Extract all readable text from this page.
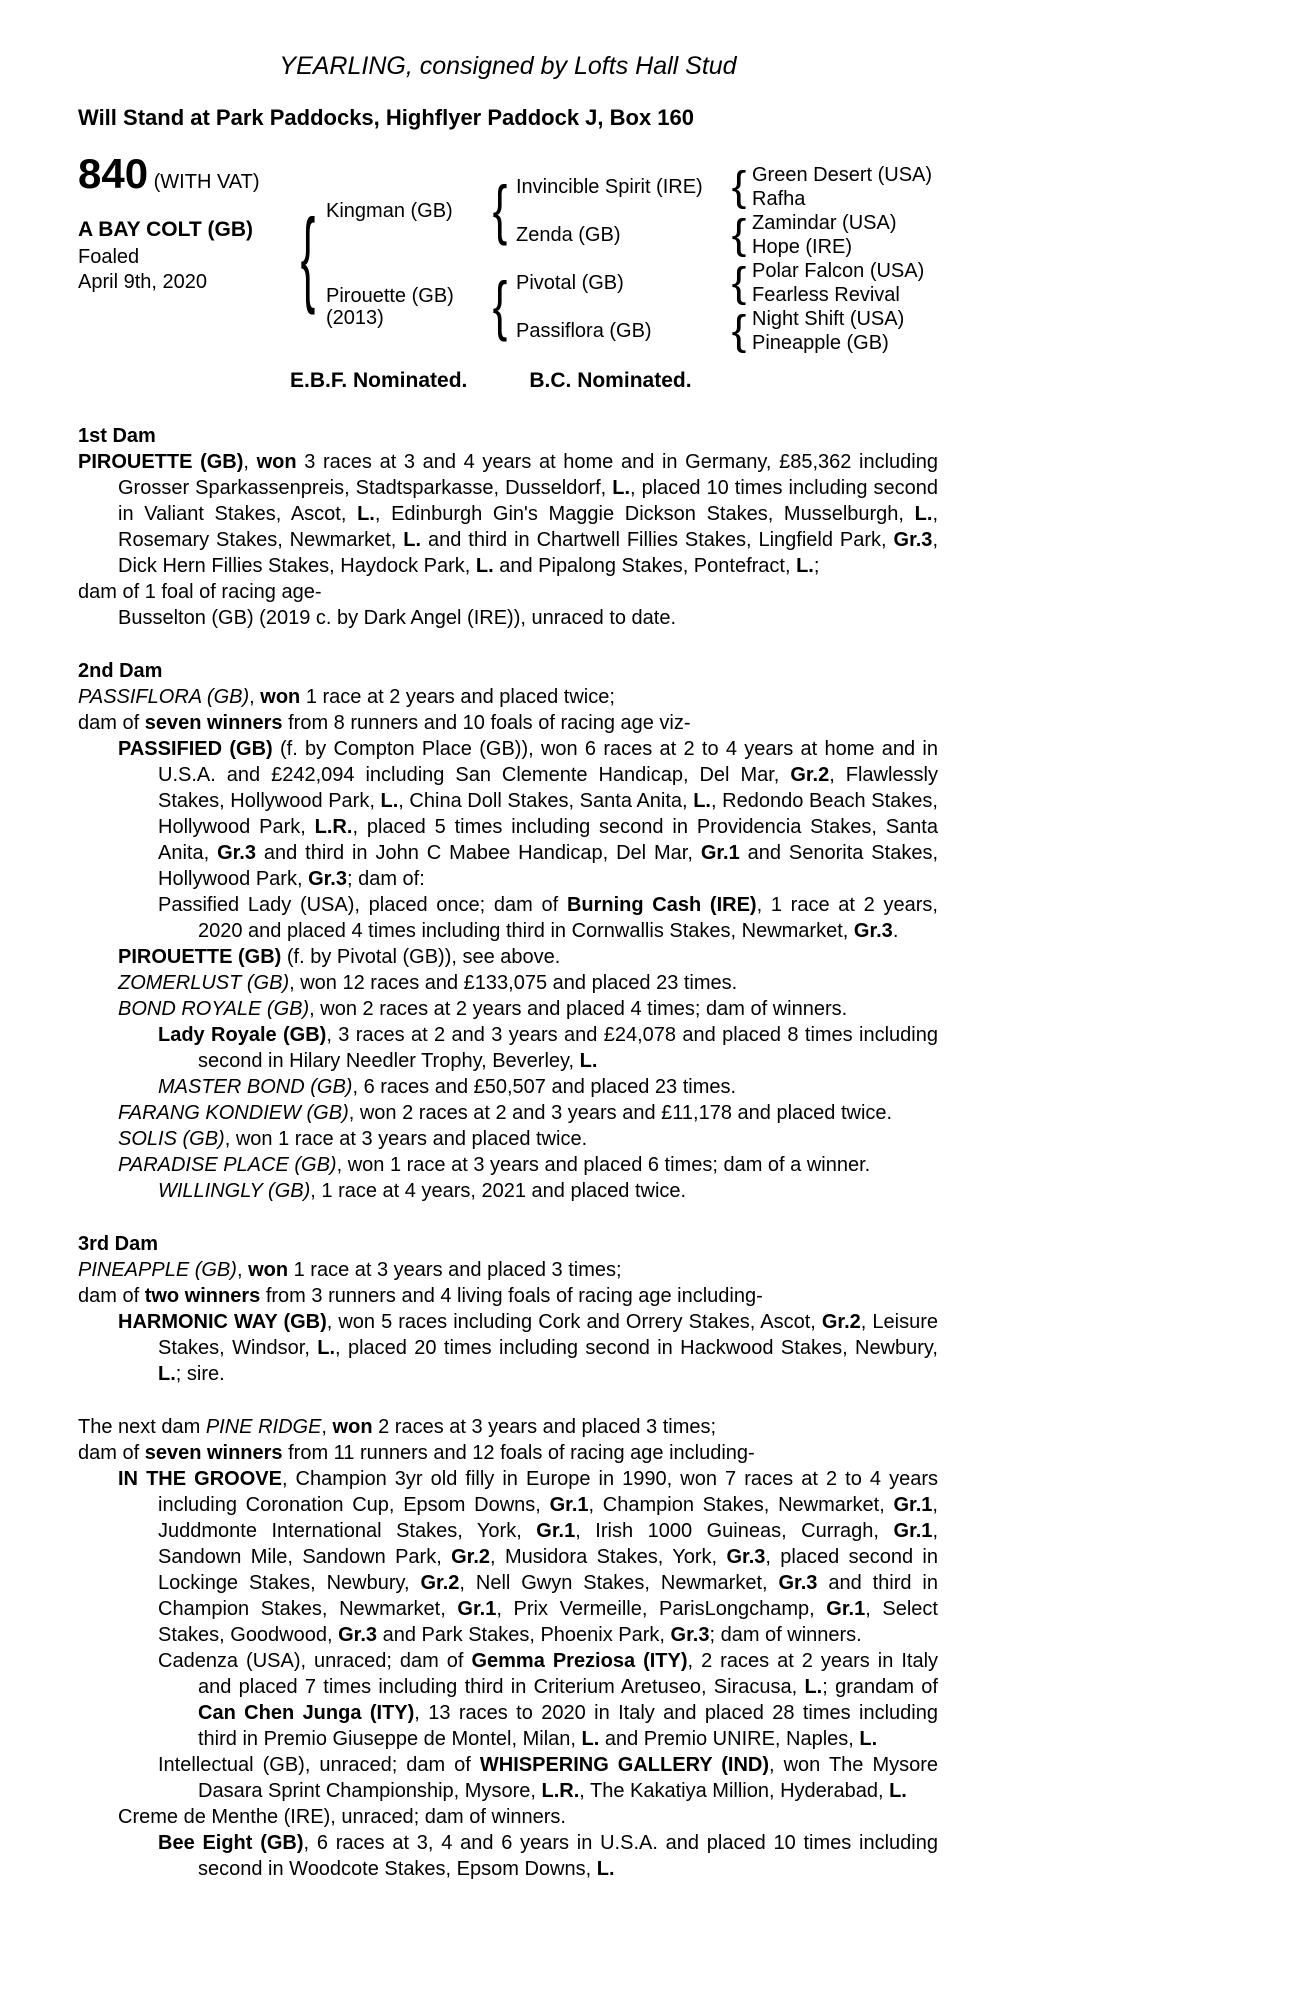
YEARLING, consigned by Lofts Hall Stud
Will Stand at Park Paddocks, Highflyer Paddock J, Box 160
840 (WITH VAT)
A BAY COLT (GB)
Foaled
April 9th, 2020
{
Kingman (GB)
Pirouette (GB)
(2013)
{
{
Invincible Spirit (IRE)
Zenda (GB)
Pivotal (GB)
Passiflora (GB)
{
{
{
{
Green Desert (USA)
Rafha
Zamindar (USA)
Hope (IRE)
Polar Falcon (USA)
Fearless Revival
Night Shift (USA)
Pineapple (GB)
E.B.F. Nominated.	B.C. Nominated.
1st Dam
PIROUETTE (GB), won 3 races at 3 and 4 years at home and in Germany, £85,362 including Grosser Sparkassenpreis, Stadtsparkasse, Dusseldorf, L., placed 10 times including second in Valiant Stakes, Ascot, L., Edinburgh Gin's Maggie Dickson Stakes, Musselburgh, L., Rosemary Stakes, Newmarket, L. and third in Chartwell Fillies Stakes, Lingfield Park, Gr.3, Dick Hern Fillies Stakes, Haydock Park, L. and Pipalong Stakes, Pontefract, L.;
dam of 1 foal of racing age-
Busselton (GB) (2019 c. by Dark Angel (IRE)), unraced to date.
2nd Dam
PASSIFLORA (GB), won 1 race at 2 years and placed twice;
dam of seven winners from 8 runners and 10 foals of racing age viz-
PASSIFIED (GB) (f. by Compton Place (GB)), won 6 races at 2 to 4 years at home and in U.S.A. and £242,094 including San Clemente Handicap, Del Mar, Gr.2, Flawlessly Stakes, Hollywood Park, L., China Doll Stakes, Santa Anita, L., Redondo Beach Stakes, Hollywood Park, L.R., placed 5 times including second in Providencia Stakes, Santa Anita, Gr.3 and third in John C Mabee Handicap, Del Mar, Gr.1 and Senorita Stakes, Hollywood Park, Gr.3; dam of:
Passified Lady (USA), placed once; dam of Burning Cash (IRE), 1 race at 2 years, 2020 and placed 4 times including third in Cornwallis Stakes, Newmarket, Gr.3.
PIROUETTE (GB) (f. by Pivotal (GB)), see above.
ZOMERLUST (GB), won 12 races and £133,075 and placed 23 times.
BOND ROYALE (GB), won 2 races at 2 years and placed 4 times; dam of winners.
Lady Royale (GB), 3 races at 2 and 3 years and £24,078 and placed 8 times including second in Hilary Needler Trophy, Beverley, L.
MASTER BOND (GB), 6 races and £50,507 and placed 23 times.
FARANG KONDIEW (GB), won 2 races at 2 and 3 years and £11,178 and placed twice.
SOLIS (GB), won 1 race at 3 years and placed twice.
PARADISE PLACE (GB), won 1 race at 3 years and placed 6 times; dam of a winner.
WILLINGLY (GB), 1 race at 4 years, 2021 and placed twice.
3rd Dam
PINEAPPLE (GB), won 1 race at 3 years and placed 3 times;
dam of two winners from 3 runners and 4 living foals of racing age including-
HARMONIC WAY (GB), won 5 races including Cork and Orrery Stakes, Ascot, Gr.2, Leisure Stakes, Windsor, L., placed 20 times including second in Hackwood Stakes, Newbury, L.; sire.
The next dam PINE RIDGE, won 2 races at 3 years and placed 3 times;
dam of seven winners from 11 runners and 12 foals of racing age including-
IN THE GROOVE, Champion 3yr old filly in Europe in 1990, won 7 races at 2 to 4 years including Coronation Cup, Epsom Downs, Gr.1, Champion Stakes, Newmarket, Gr.1, Juddmonte International Stakes, York, Gr.1, Irish 1000 Guineas, Curragh, Gr.1, Sandown Mile, Sandown Park, Gr.2, Musidora Stakes, York, Gr.3, placed second in Lockinge Stakes, Newbury, Gr.2, Nell Gwyn Stakes, Newmarket, Gr.3 and third in Champion Stakes, Newmarket, Gr.1, Prix Vermeille, ParisLongchamp, Gr.1, Select Stakes, Goodwood, Gr.3 and Park Stakes, Phoenix Park, Gr.3; dam of winners.
Cadenza (USA), unraced; dam of Gemma Preziosa (ITY), 2 races at 2 years in Italy and placed 7 times including third in Criterium Aretuseo, Siracusa, L.; grandam of Can Chen Junga (ITY), 13 races to 2020 in Italy and placed 28 times including third in Premio Giuseppe de Montel, Milan, L. and Premio UNIRE, Naples, L.
Intellectual (GB), unraced; dam of WHISPERING GALLERY (IND), won The Mysore Dasara Sprint Championship, Mysore, L.R., The Kakatiya Million, Hyderabad, L.
Creme de Menthe (IRE), unraced; dam of winners.
Bee Eight (GB), 6 races at 3, 4 and 6 years in U.S.A. and placed 10 times including second in Woodcote Stakes, Epsom Downs, L.
